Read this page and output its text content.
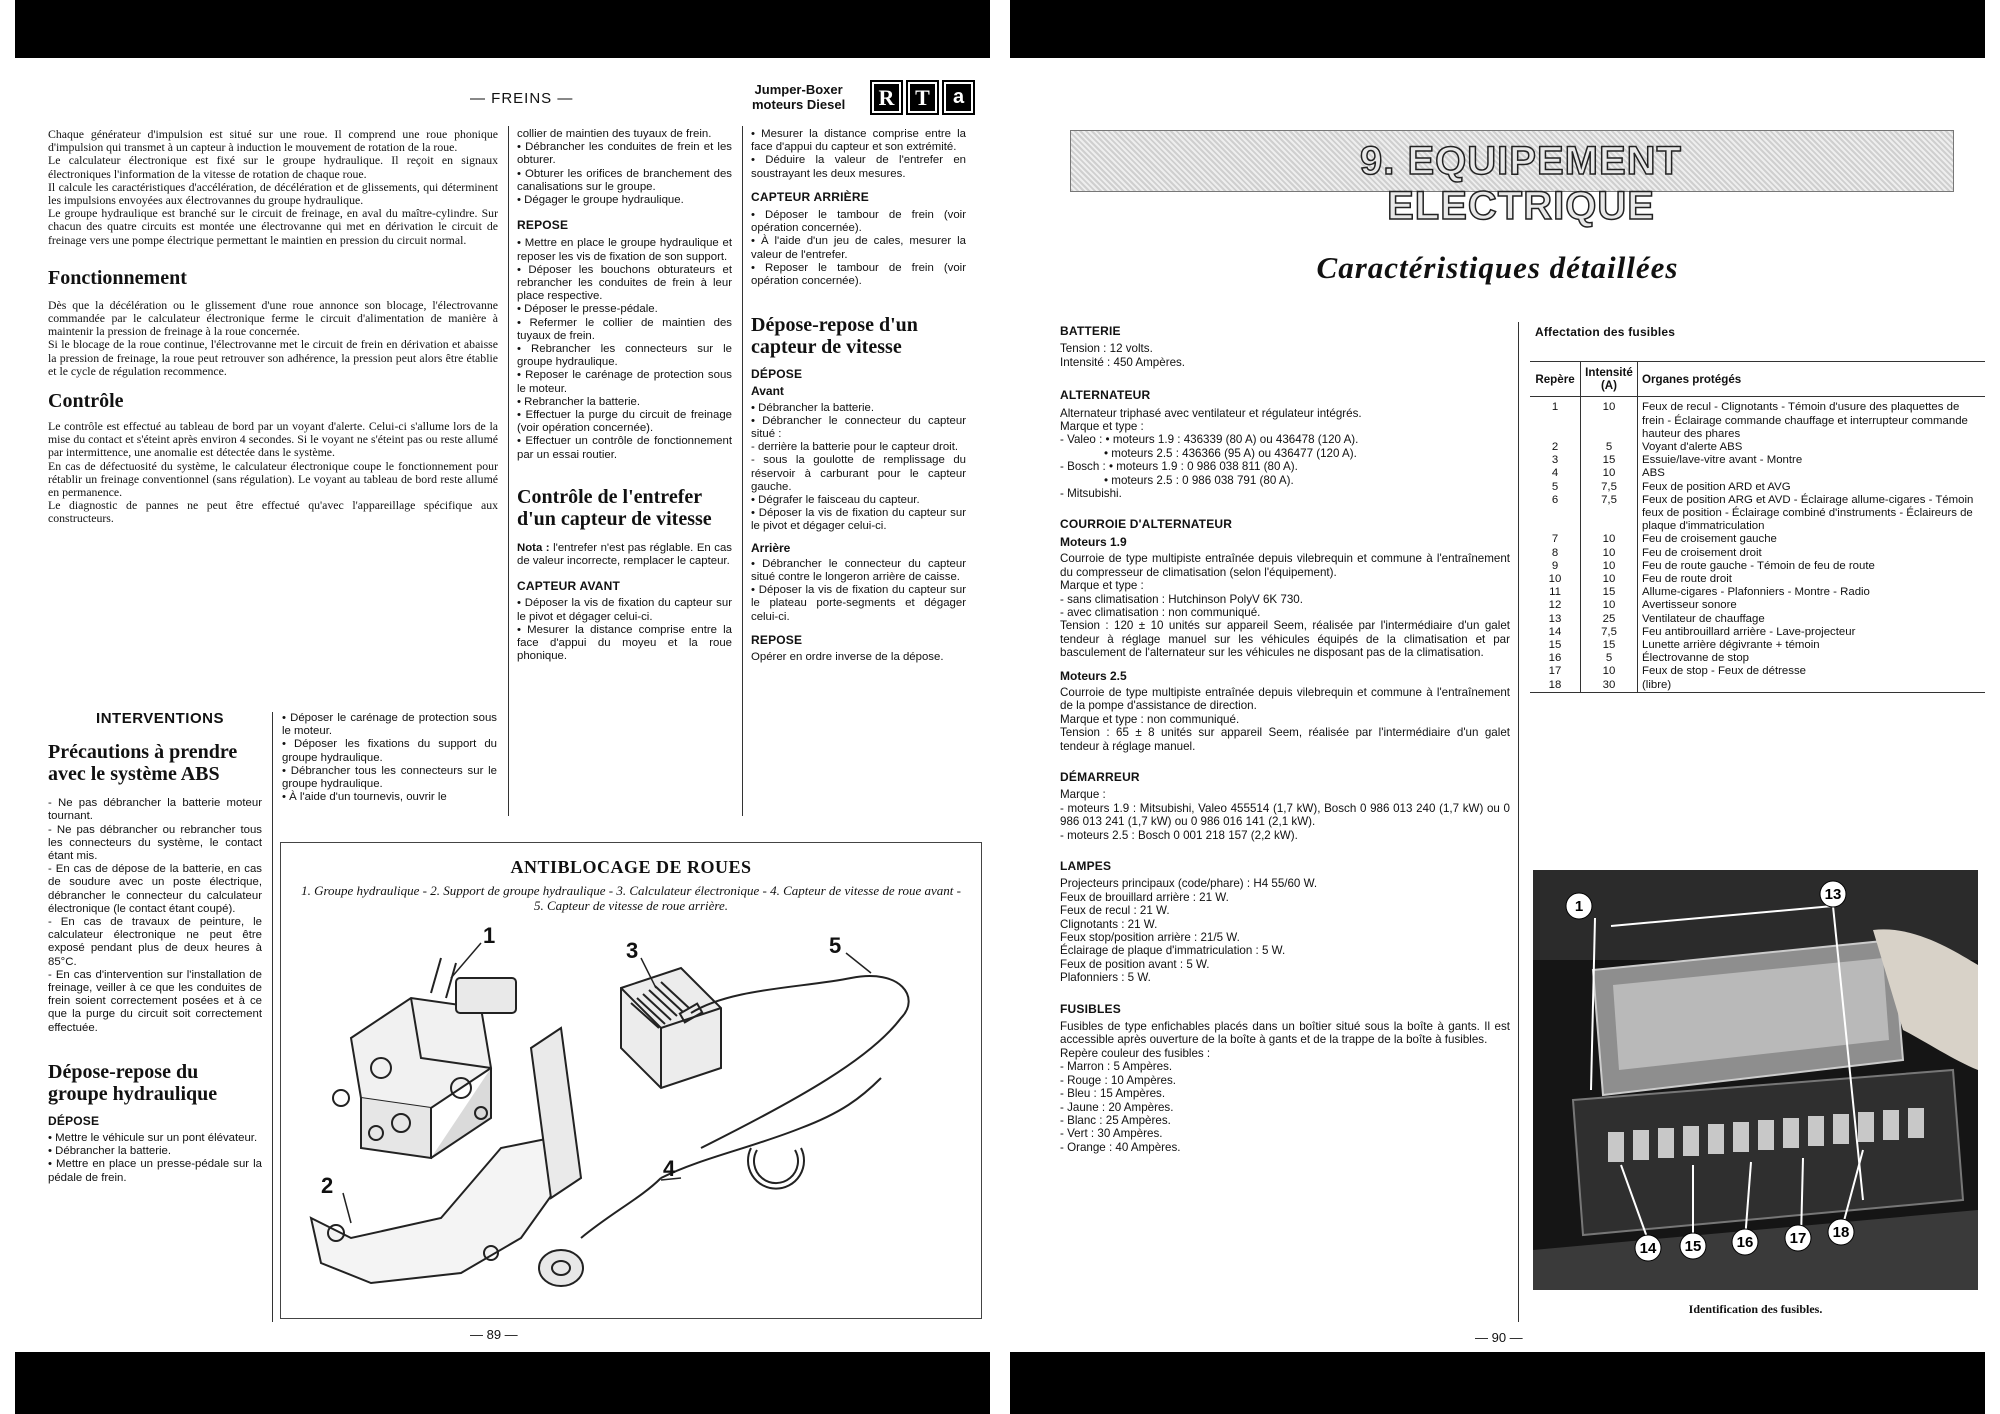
— FREINS —
Jumper-Boxer
moteurs Diesel	R T	a

Chaque générateur d'impulsion est situé sur une roue. Il comprend une roue phonique d'impulsion qui transmet à un capteur à induction le mouvement de rotation de la roue.

Le calculateur électronique est fixé sur le groupe hydraulique. Il reçoit en signaux électroniques l'information de la vitesse de rotation de chaque roue.

Il calcule les caractéristiques d'accélération, de décélération et de glissements, qui déterminent les impulsions envoyées aux électrovannes du groupe hydraulique.

Le groupe hydraulique est branché sur le circuit de freinage, en aval du maître-cylindre. Sur chacun des quatre circuits est montée une électrovanne qui met en dérivation le circuit de freinage vers une pompe électrique permettant le maintien en pression du circuit normal.

Fonctionnement

Dès que la décélération ou le glissement d'une roue annonce son blocage, l'électrovanne commandée par le calculateur électronique ferme le circuit d'alimentation de manière à maintenir la pression de freinage à la roue concernée.

Si le blocage de la roue continue, l'électrovanne met le circuit de frein en dérivation et abaisse la pression de freinage, la roue peut retrouver son adhérence, la pression peut alors être établie et le cycle de régulation recommence.

Contrôle

Le contrôle est effectué au tableau de bord par un voyant d'alerte. Celui-ci s'allume lors de la mise du contact et s'éteint après environ 4 secondes. Si le voyant ne s'éteint pas ou reste allumé par intermittence, une anomalie est détectée dans le système.

En cas de défectuosité du système, le calculateur électronique coupe le fonctionnement pour rétablir un freinage conventionnel (sans régulation). Le voyant au tableau de bord reste allumé en permanence.

Le diagnostic de pannes ne peut être effectué qu'avec l'appareillage spécifique aux constructeurs.

collier de maintien des tuyaux de frein.

• Débrancher les conduites de frein et les obturer.

• Obturer les orifices de branchement des canalisations sur le groupe.

• Dégager le groupe hydraulique.

REPOSE

• Mettre en place le groupe hydraulique et reposer les vis de fixation de son support.

• Déposer les bouchons obturateurs et rebrancher les conduites de frein à leur place respective.

• Déposer le presse-pédale.

• Refermer le collier de maintien des tuyaux de frein.

• Rebrancher les connecteurs sur le groupe hydraulique.

• Reposer le carénage de protection sous le moteur.

• Rebrancher la batterie.

• Effectuer la purge du circuit de freinage (voir opération concernée).

• Effectuer un contrôle de fonctionnement par un essai routier.

Contrôle de l'entrefer d'un capteur de vitesse

Nota : l'entrefer n'est pas réglable. En cas de valeur incorrecte, remplacer le capteur.

CAPTEUR AVANT

• Déposer la vis de fixation du capteur sur le pivot et dégager celui-ci.

• Mesurer la distance comprise entre la face d'appui du moyeu et la roue phonique.

• Mesurer la distance comprise entre la face d'appui du capteur et son extrémité.

• Déduire la valeur de l'entrefer en soustrayant les deux mesures.

CAPTEUR ARRIÈRE

• Déposer le tambour de frein (voir opération concernée).

• À l'aide d'un jeu de cales, mesurer la valeur de l'entrefer.

• Reposer le tambour de frein (voir opération concernée).

Dépose-repose d'un capteur de vitesse
DÉPOSE
Avant

• Débrancher la batterie.

• Débrancher le connecteur du capteur situé :

- derrière la batterie pour le capteur droit.

- sous la goulotte de remplissage du réservoir à carburant pour le capteur gauche.

• Dégrafer le faisceau du capteur.

• Déposer la vis de fixation du capteur sur le pivot et dégager celui-ci.

Arrière

• Débrancher le connecteur du capteur situé contre le longeron arrière de caisse.

• Déposer la vis de fixation du capteur sur le plateau porte-segments et dégager celui-ci.

REPOSE

Opérer en ordre inverse de la dépose.

INTERVENTIONS
Précautions à prendre avec le système ABS

- Ne pas débrancher la batterie moteur tournant.

- Ne pas débrancher ou rebrancher tous les connecteurs du système, le contact étant mis.

- En cas de dépose de la batterie, en cas de soudure avec un poste électrique, débrancher le connecteur du calculateur électronique (le contact étant coupé).

- En cas de travaux de peinture, le calculateur électronique ne peut être exposé pendant plus de deux heures à 85°C.

- En cas d'intervention sur l'installation de freinage, veiller à ce que les conduites de frein soient correctement posées et à ce que la purge du circuit soit correctement effectuée.

Dépose-repose du groupe hydraulique
DÉPOSE

• Mettre le véhicule sur un pont élévateur.

• Débrancher la batterie.

• Mettre en place un presse-pédale sur la pédale de frein.

• Déposer le carénage de protection sous le moteur.

• Déposer les fixations du support du groupe hydraulique.

• Débrancher tous les connecteurs sur le groupe hydraulique.

• À l'aide d'un tournevis, ouvrir le

ANTIBLOCAGE DE ROUES
1. Groupe hydraulique - 2. Support de groupe hydraulique - 3. Calculateur électronique - 4. Capteur de vitesse de roue avant - 5. Capteur de vitesse de roue arrière.
1
2
3
4
5
— 89 —
9. EQUIPEMENT ELECTRIQUE
Caractéristiques détaillées
BATTERIE

Tension : 12 volts.

Intensité : 450 Ampères.

ALTERNATEUR

Alternateur triphasé avec ventilateur et régulateur intégrés.

Marque et type :

- Valeo : • moteurs 1.9 : 436339 (80 A) ou 436478 (120 A).

• moteurs 2.5 : 436366 (95 A) ou 436477 (120 A).

- Bosch : • moteurs 1.9 : 0 986 038 811 (80 A).

• moteurs 2.5 : 0 986 038 791 (80 A).

- Mitsubishi.

COURROIE D'ALTERNATEUR
Moteurs 1.9

Courroie de type multipiste entraînée depuis vilebrequin et commune à l'entraînement du compresseur de climatisation (selon l'équipement).

Marque et type :

- sans climatisation : Hutchinson PolyV 6K 730.

- avec climatisation : non communiqué.

Tension : 120 ± 10 unités sur appareil Seem, réalisée par l'intermédiaire d'un galet tendeur à réglage manuel sur les véhicules équipés de la climatisation et par basculement de l'alternateur sur les véhicules ne disposant pas de la climatisation.

Moteurs 2.5

Courroie de type multipiste entraînée depuis vilebrequin et commune à l'entraînement de la pompe d'assistance de direction.

Marque et type : non communiqué.

Tension : 65 ± 8 unités sur appareil Seem, réalisée par l'intermédiaire d'un galet tendeur à réglage manuel.

DÉMARREUR

Marque :

- moteurs 1.9 : Mitsubishi, Valeo 455514 (1,7 kW), Bosch 0 986 013 240 (1,7 kW) ou 0 986 013 241 (1,7 kW) ou 0 986 016 141 (2,1 kW).

- moteurs 2.5 : Bosch 0 001 218 157 (2,2 kW).

LAMPES

Projecteurs principaux (code/phare) : H4 55/60 W.

Feux de brouillard arrière : 21 W.

Feux de recul : 21 W.

Clignotants : 21 W.

Feux stop/position arrière : 21/5 W.

Éclairage de plaque d'immatriculation : 5 W.

Feux de position avant : 5 W.

Plafonniers : 5 W.

FUSIBLES

Fusibles de type enfichables placés dans un boîtier situé sous la boîte à gants. Il est accessible après ouverture de la boîte à gants et de la trappe de la boîte à fusibles.

Repère couleur des fusibles :

- Marron : 5 Ampères.

- Rouge : 10 Ampères.

- Bleu : 15 Ampères.

- Jaune : 20 Ampères.

- Blanc : 25 Ampères.

- Vert : 30 Ampères.

- Orange : 40 Ampères.

Affectation des fusibles
Repère	Intensité (A)	Organes protégés
1	10	Feux de recul - Clignotants - Témoin d'usure des plaquettes de frein - Éclairage commande chauffage et interrupteur commande hauteur des phares
2	5	Voyant d'alerte ABS
3	15	Essuie/lave-vitre avant - Montre
4	10	ABS
5	7,5	Feux de position ARD et AVG
6	7,5	Feux de position ARG et AVD - Éclairage allume-cigares - Témoin feux de position - Éclairage combiné d'instruments - Éclaireurs de plaque d'immatriculation
7	10	Feu de croisement gauche
8	10	Feu de croisement droit
9	10	Feu de route gauche - Témoin de feu de route
10	10	Feu de route droit
11	15	Allume-cigares - Plafonniers - Montre - Radio
12	10	Avertisseur sonore
13	25	Ventilateur de chauffage
14	7,5	Feu antibrouillard arrière - Lave-projecteur
15	15	Lunette arrière dégivrante + témoin
16	5	Électrovanne de stop
17	10	Feux de stop - Feux de détresse
18	30	(libre)
1
13
14 15 16 17 18
Identification des fusibles.
— 90 —
